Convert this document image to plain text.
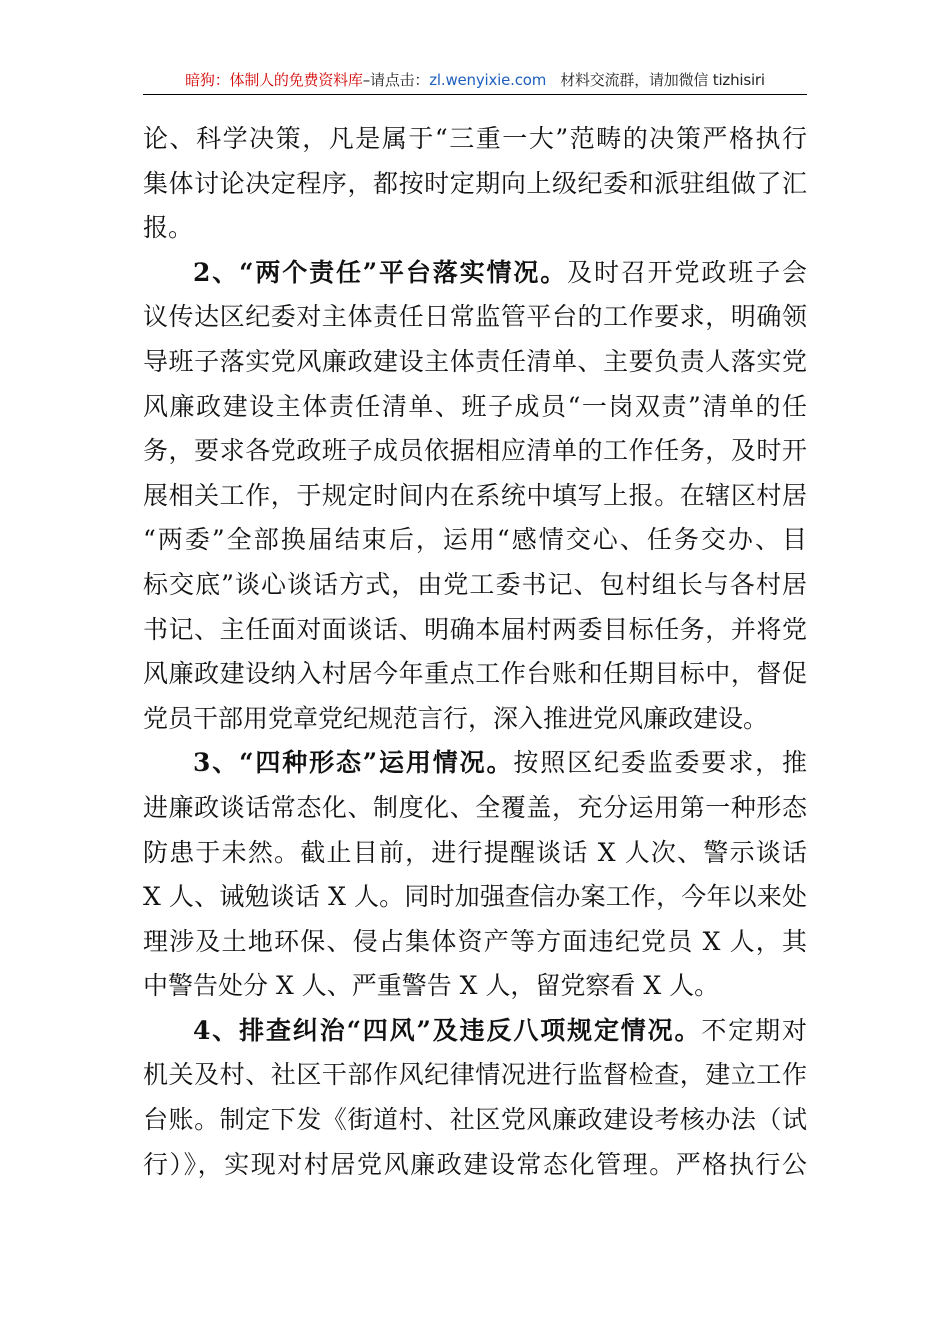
暗狗：体制人的免费资料库–请点击：zl.wenyixie.com 材料交流群，请加微信 tizhisiri
论、科学决策，凡是属于“三重一大”范畴的决策严格执行
集体讨论决定程序，都按时定期向上级纪委和派驻组做了汇
报。
2、“两个责任”平台落实情况。及时召开党政班子会
议传达区纪委对主体责任日常监管平台的工作要求，明确领
导班子落实党风廉政建设主体责任清单、主要负责人落实党
风廉政建设主体责任清单、班子成员“一岗双责”清单的任
务，要求各党政班子成员依据相应清单的工作任务，及时开
展相关工作，于规定时间内在系统中填写上报。在辖区村居
“两委”全部换届结束后，运用“感情交心、任务交办、目
标交底”谈心谈话方式，由党工委书记、包村组长与各村居
书记、主任面对面谈话、明确本届村两委目标任务，并将党
风廉政建设纳入村居今年重点工作台账和任期目标中，督促
党员干部用党章党纪规范言行，深入推进党风廉政建设。
3、“四种形态”运用情况。按照区纪委监委要求，推
进廉政谈话常态化、制度化、全覆盖，充分运用第一种形态
防患于未然。截止目前，进行提醒谈话 X 人次、警示谈话
X 人、诫勉谈话 X 人。同时加强查信办案工作，今年以来处
理涉及土地环保、侵占集体资产等方面违纪党员 X 人，其
中警告处分 X 人、严重警告 X 人，留党察看 X 人。
4、排查纠治“四风”及违反八项规定情况。不定期对
机关及村、社区干部作风纪律情况进行监督检查，建立工作
台账。制定下发《街道村、社区党风廉政建设考核办法（试
行）》，实现对村居党风廉政建设常态化管理。严格执行公
